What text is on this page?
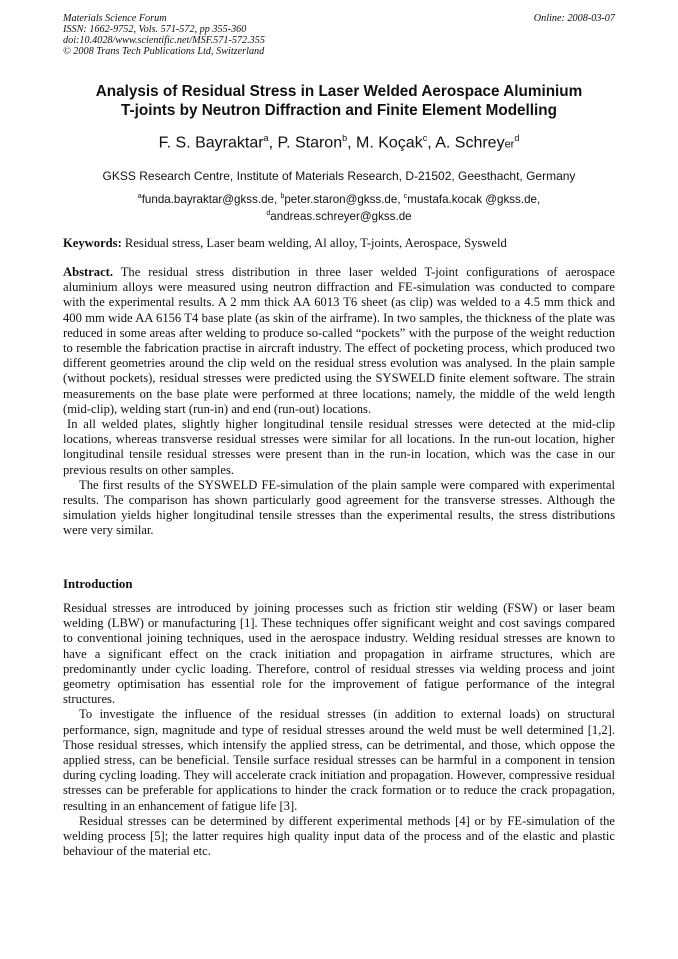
Materials Science Forum
ISSN: 1662-9752, Vols. 571-572, pp 355-360
doi:10.4028/www.scientific.net/MSF.571-572.355
© 2008 Trans Tech Publications Ltd, Switzerland
Online: 2008-03-07
Analysis of Residual Stress in Laser Welded Aerospace Aluminium
T-joints by Neutron Diffraction and Finite Element Modelling
F. S. Bayraktar$^a$, P. Staron$^b$, M. Koçak$^c$, A. Schreyer$^d$
GKSS Research Centre, Institute of Materials Research, D-21502, Geesthacht, Germany
$^a$funda.bayraktar@gkss.de, $^b$peter.staron@gkss.de, $^c$mustafa.kocak @gkss.de,
$^d$andreas.schreyer@gkss.de
Keywords: Residual stress, Laser beam welding, Al alloy, T-joints, Aerospace, Sysweld

Abstract. The residual stress distribution in three laser welded T-joint configurations of aerospace aluminium alloys were measured using neutron diffraction and FE-simulation was conducted to compare with the experimental results. A 2 mm thick AA 6013 T6 sheet (as clip) was welded to a 4.5 mm thick and 400 mm wide AA 6156 T4 base plate (as skin of the airframe). In two samples, the thickness of the plate was reduced in some areas after welding to produce so-called “pockets” with the purpose of the weight reduction to resemble the fabrication practise in aircraft industry. The effect of pocketing process, which produced two different geometries around the clip weld on the residual stress evolution was analysed. In the plain sample (without pockets), residual stresses were predicted using the SYSWELD finite element software. The strain measurements on the base plate were performed at three locations; namely, the middle of the weld length (mid-clip), welding start (run-in) and end (run-out) locations.

In all welded plates, slightly higher longitudinal tensile residual stresses were detected at the mid-clip locations, whereas transverse residual stresses were similar for all locations. In the run-out location, higher longitudinal tensile residual stresses were present than in the run-in location, which was the case in our previous results on other samples.

The first results of the SYSWELD FE-simulation of the plain sample were compared with experimental results. The comparison has shown particularly good agreement for the transverse stresses. Although the simulation yields higher longitudinal tensile stresses than the experimental results, the stress distributions were very similar.

Introduction

Residual stresses are introduced by joining processes such as friction stir welding (FSW) or laser beam welding (LBW) or manufacturing [1]. These techniques offer significant weight and cost savings compared to conventional joining techniques, used in the aerospace industry. Welding residual stresses are known to have a significant effect on the crack initiation and propagation in airframe structures, which are predominantly under cyclic loading. Therefore, control of residual stresses via welding process and joint geometry optimisation has essential role for the improvement of fatigue performance of the integral structures.

To investigate the influence of the residual stresses (in addition to external loads) on structural performance, sign, magnitude and type of residual stresses around the weld must be well determined [1,2]. Those residual stresses, which intensify the applied stress, can be detrimental, and those, which oppose the applied stress, can be beneficial. Tensile surface residual stresses can be harmful in a component in tension during cycling loading. They will accelerate crack initiation and propagation. However, compressive residual stresses can be preferable for applications to hinder the crack formation or to reduce the crack propagation, resulting in an enhancement of fatigue life [3].

Residual stresses can be determined by different experimental methods [4] or by FE-simulation of the welding process [5]; the latter requires high quality input data of the process and of the elastic and plastic behaviour of the material etc.
